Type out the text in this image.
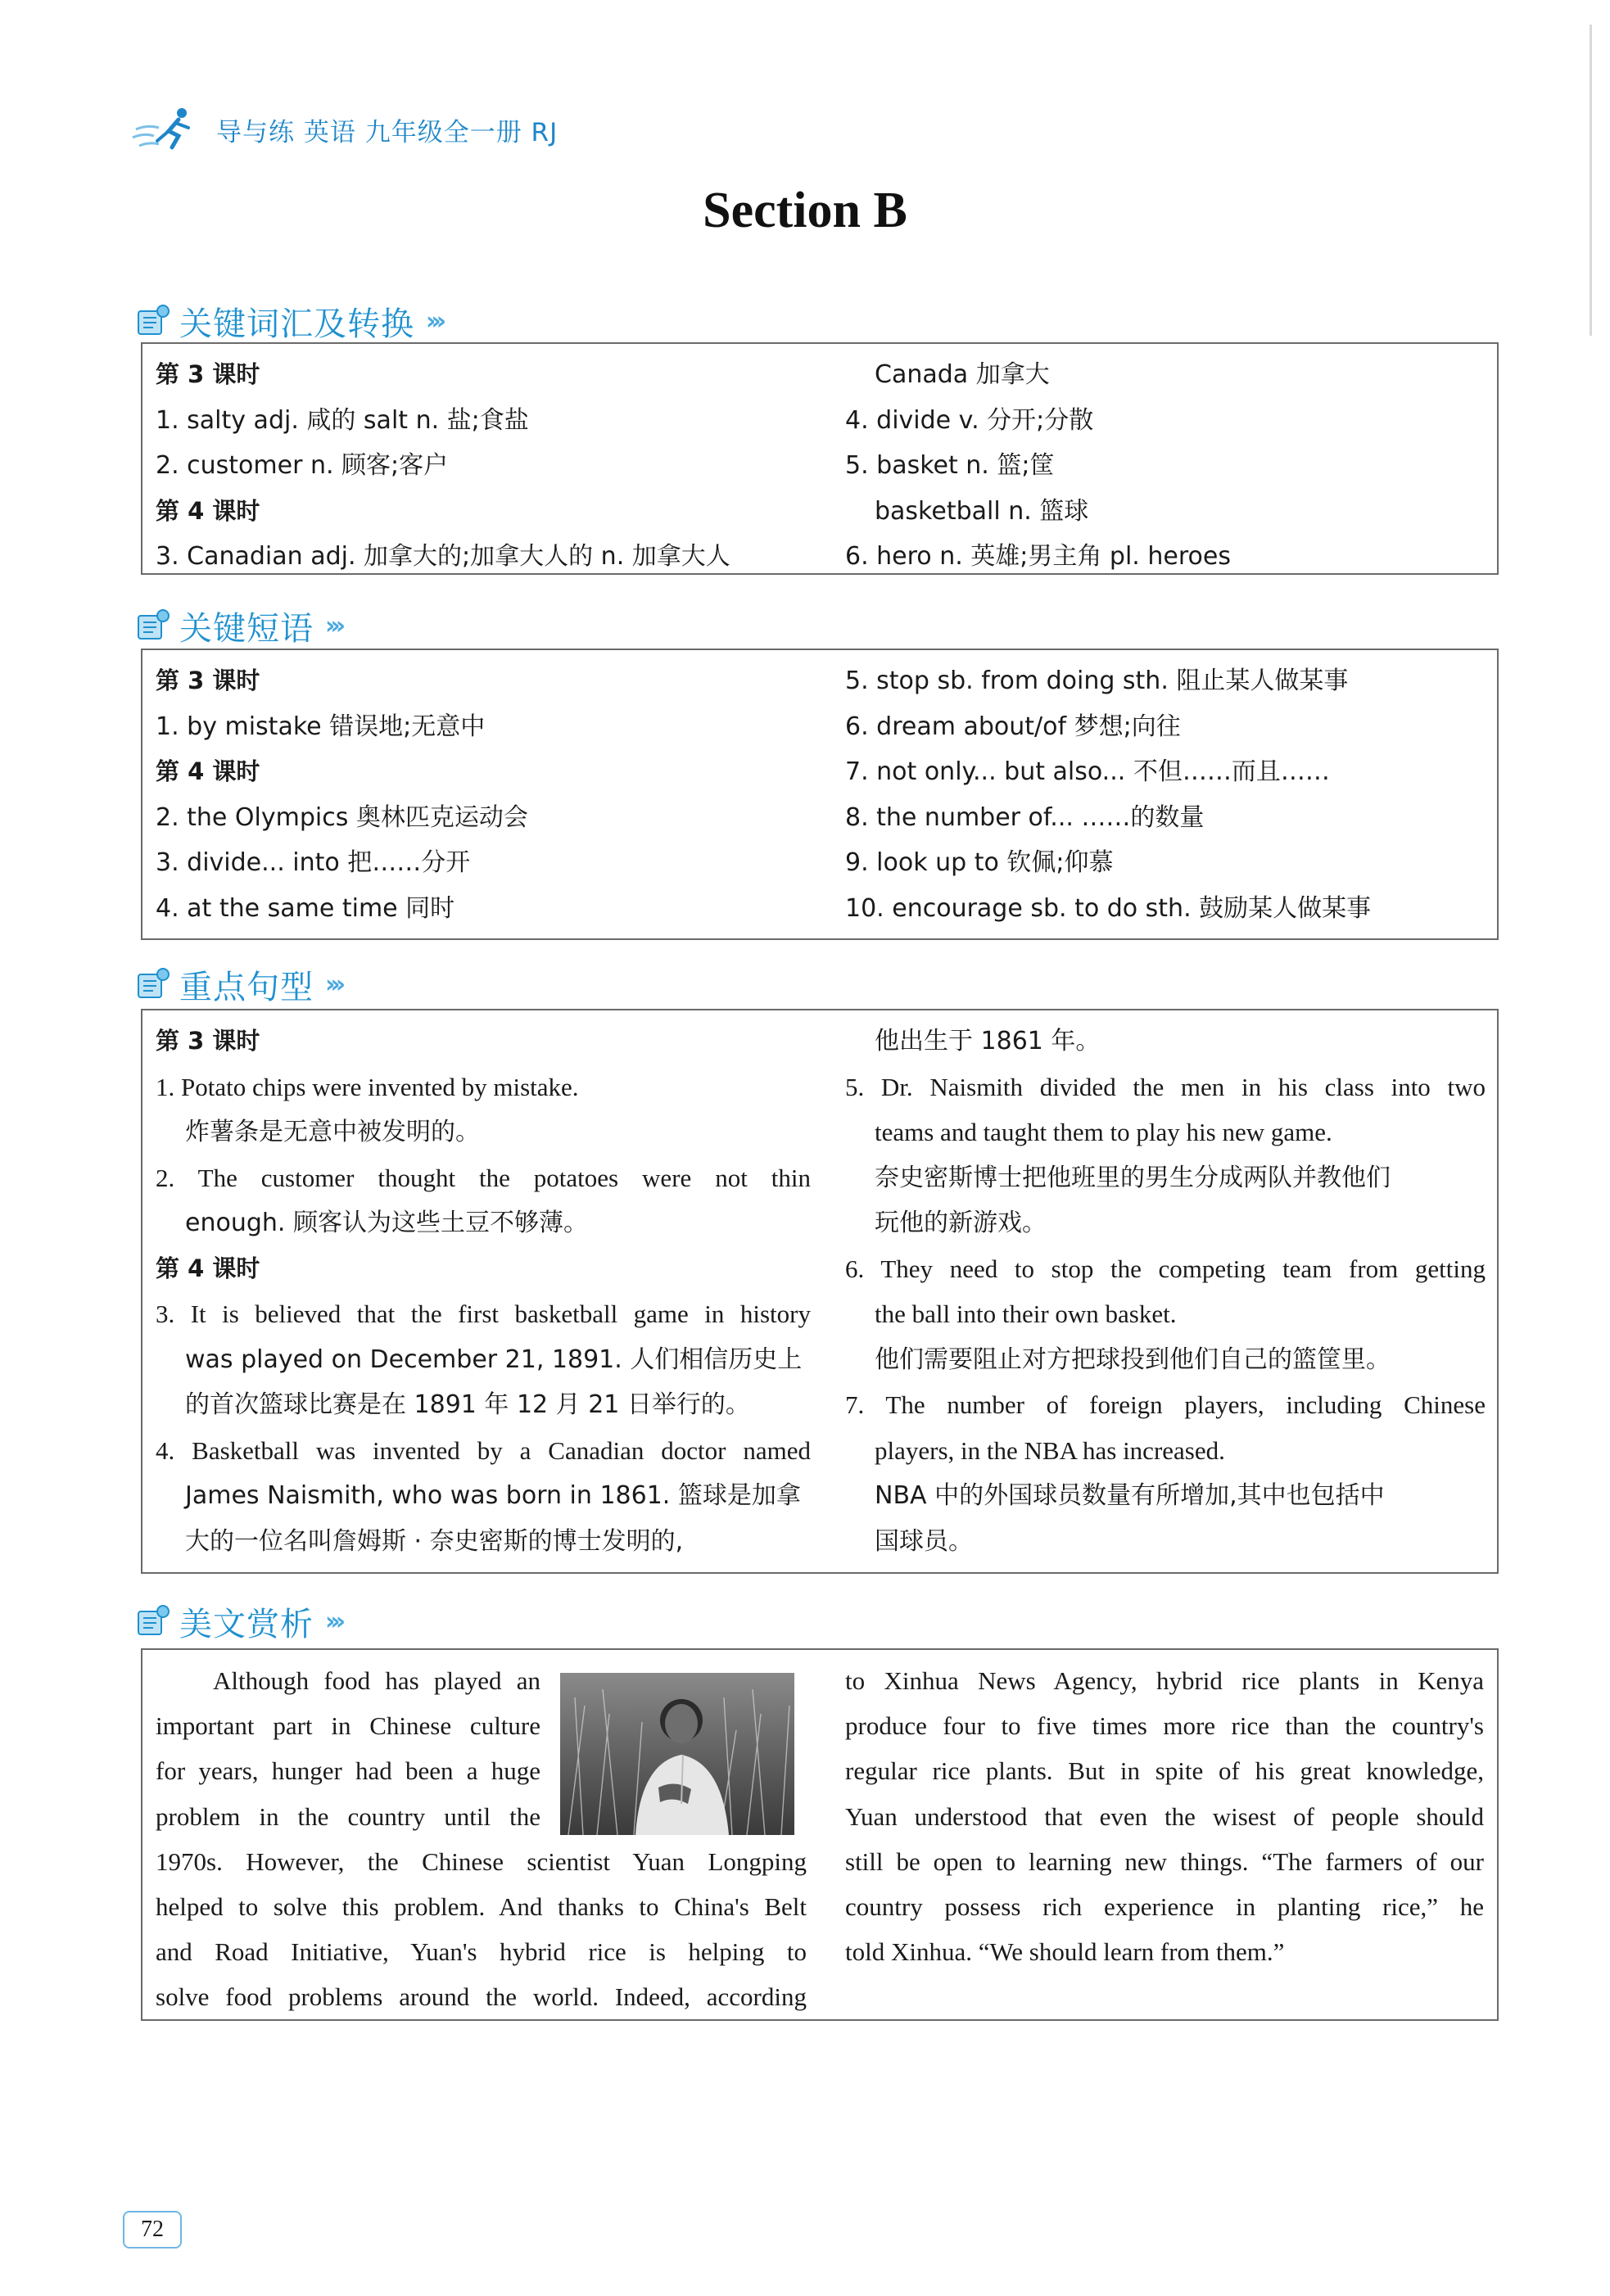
导与练 英语 九年级全一册 RJ
Section B
关键词汇及转换 ›››
第 3 课时
1. salty adj. 咸的 salt n. 盐;食盐
2. customer n. 顾客;客户
第 4 课时
3. Canadian adj. 加拿大的;加拿大人的 n. 加拿大人
Canada 加拿大
4. divide v. 分开;分散
5. basket n. 篮;筐
basketball n. 篮球
6. hero n. 英雄;男主角 pl. heroes
关键短语 ›››
第 3 课时
1. by mistake 错误地;无意中
第 4 课时
2. the Olympics 奥林匹克运动会
3. divide... into 把……分开
4. at the same time 同时
5. stop sb. from doing sth. 阻止某人做某事
6. dream about/of 梦想;向往
7. not only... but also... 不但……而且……
8. the number of... ……的数量
9. look up to 钦佩;仰慕
10. encourage sb. to do sth. 鼓励某人做某事
重点句型 ›››
第 3 课时
1. Potato chips were invented by mistake.
炸薯条是无意中被发明的。
2. The customer thought the potatoes were not thin
enough. 顾客认为这些土豆不够薄。
第 4 课时
3. It is believed that the first basketball game in history
was played on December 21, 1891. 人们相信历史上
的首次篮球比赛是在 1891 年 12 月 21 日举行的。
4. Basketball was invented by a Canadian doctor named
James Naismith, who was born in 1861. 篮球是加拿
大的一位名叫詹姆斯 · 奈史密斯的博士发明的,
他出生于 1861 年。
5. Dr. Naismith divided the men in his class into two
teams and taught them to play his new game.
奈史密斯博士把他班里的男生分成两队并教他们
玩他的新游戏。
6. They need to stop the competing team from getting
the ball into their own basket.
他们需要阻止对方把球投到他们自己的篮筐里。
7. The number of foreign players, including Chinese
players, in the NBA has increased.
NBA 中的外国球员数量有所增加,其中也包括中
国球员。
美文赏析 ›››
Although food has played an
important part in Chinese culture
for years, hunger had been a huge
problem in the country until the
1970s. However, the Chinese scientist Yuan Longping
helped to solve this problem. And thanks to China's Belt
and Road Initiative, Yuan's hybrid rice is helping to
solve food problems around the world. Indeed, according
to Xinhua News Agency, hybrid rice plants in Kenya
produce four to five times more rice than the country's
regular rice plants. But in spite of his great knowledge,
Yuan understood that even the wisest of people should
still be open to learning new things. “The farmers of our
country possess rich experience in planting rice,” he
told Xinhua. “We should learn from them.”
72
